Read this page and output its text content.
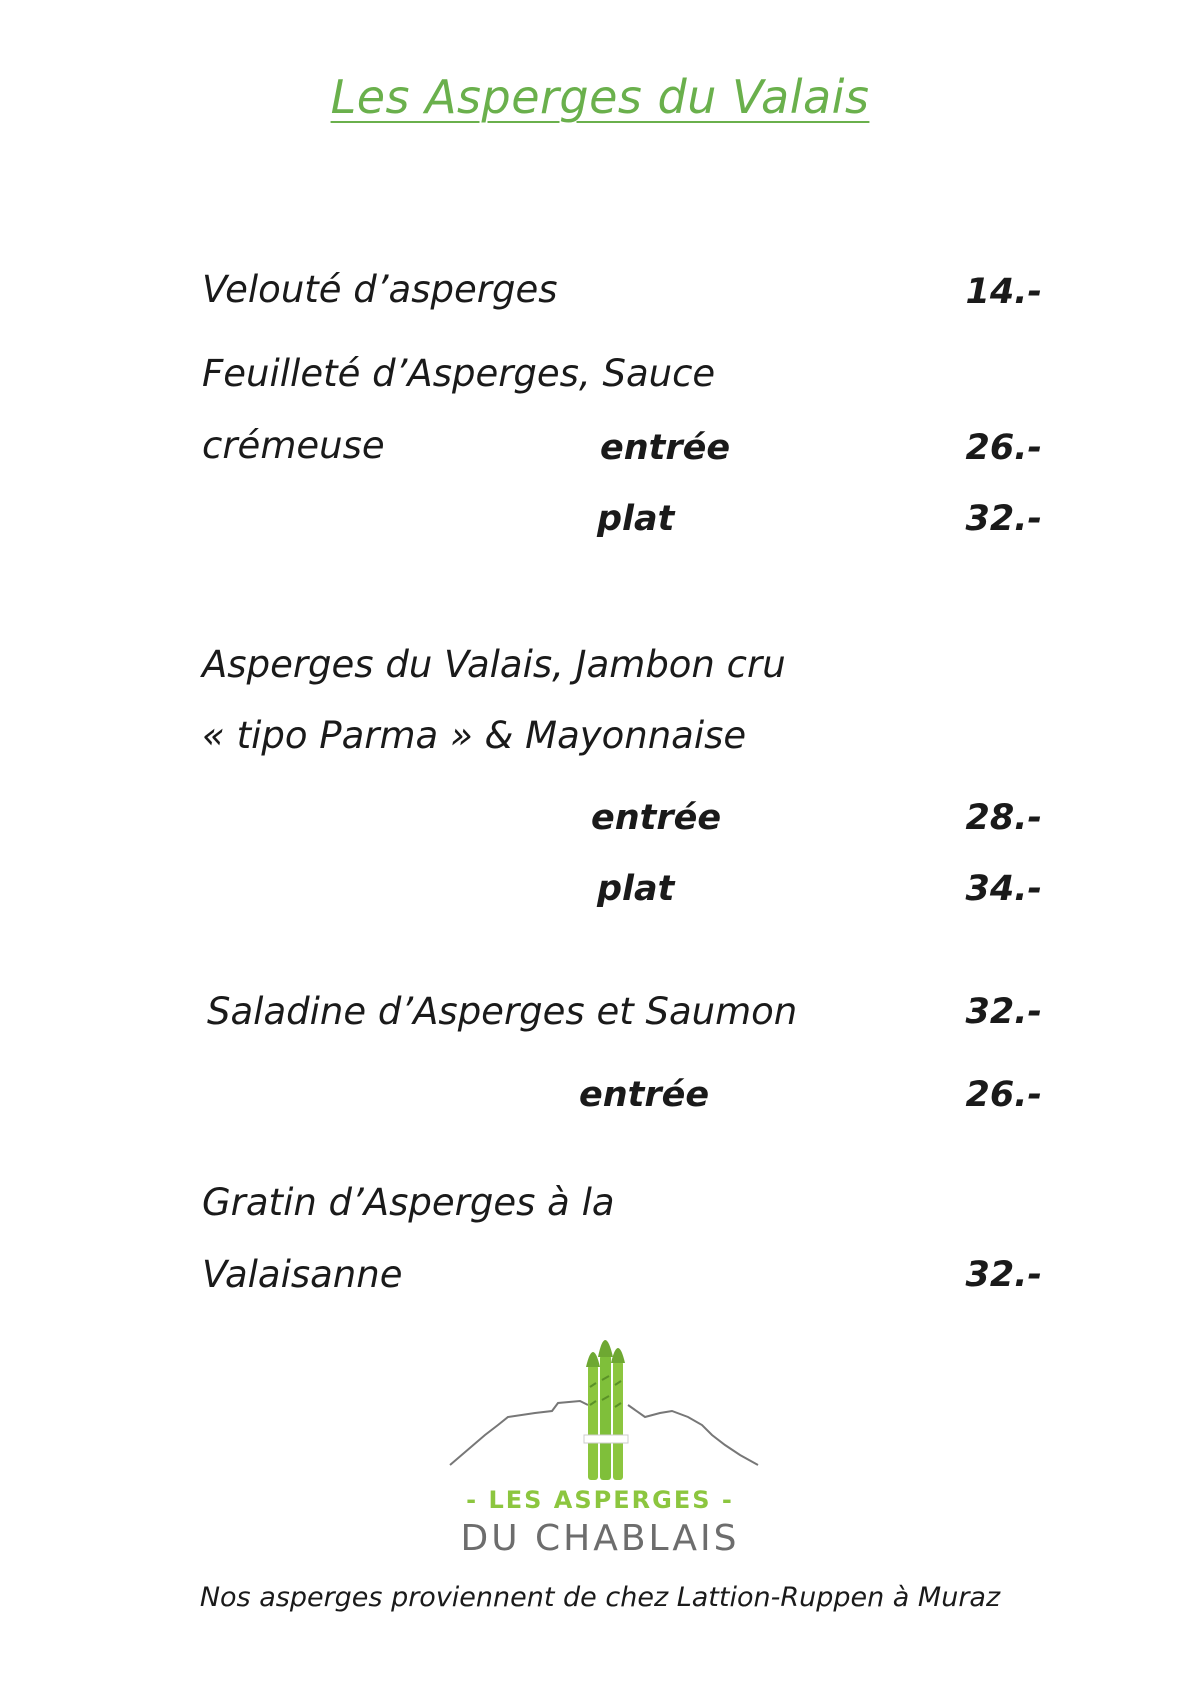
Les Asperges du Valais
Velouté d’asperges	14.-
Feuilleté d’Asperges, Sauce
crémeuse	entrée	26.-
plat	32.-
Asperges du Valais, Jambon cru
« tipo Parma » & Mayonnaise
entrée	28.-
plat	34.-
Saladine d’Asperges et Saumon	32.-
entrée	26.-
Gratin d’Asperges à la
Valaisanne	32.-
- LES ASPERGES -
DU CHABLAIS
Nos asperges proviennent de chez Lattion-Ruppen à Muraz
